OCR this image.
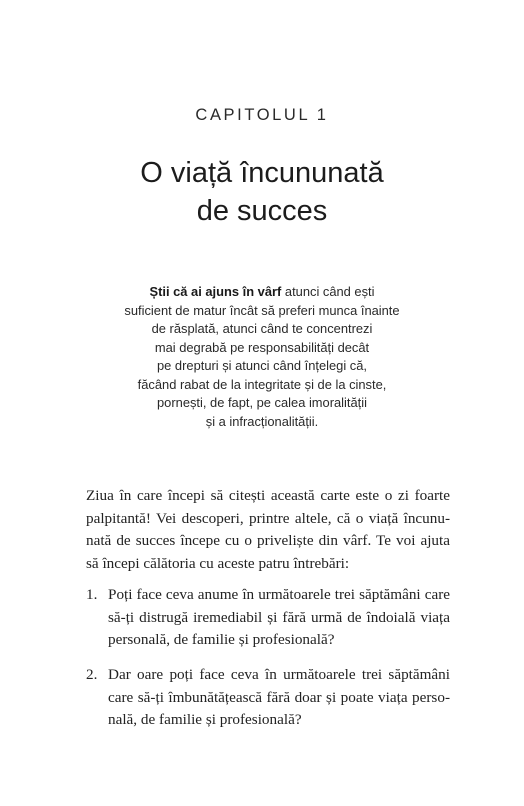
CAPITOLUL 1
O viață încununată
de succes
Știi că ai ajuns în vârf atunci când ești
suficient de matur încât să preferi munca înainte
de răsplată, atunci când te concentrezi
mai degrabă pe responsabilități decât
pe drepturi și atunci când înțelegi că,
făcând rabat de la integritate și de la cinste,
pornești, de fapt, pe calea imoralității
și a infracționalității.
Ziua în care începi să citești această carte este o zi foarte
palpitantă! Vei descoperi, printre altele, că o viață încunu-
nată de succes începe cu o priveliște din vârf. Te voi ajuta
să începi călătoria cu aceste patru întrebări:
1. Poți face ceva anume în următoarele trei săptămâni care
să-ți distrugă iremediabil și fără urmă de îndoială viața
personală, de familie și profesională?
2. Dar oare poți face ceva în următoarele trei săptămâni
care să-ți îmbunătățească fără doar și poate viața perso-
nală, de familie și profesională?
